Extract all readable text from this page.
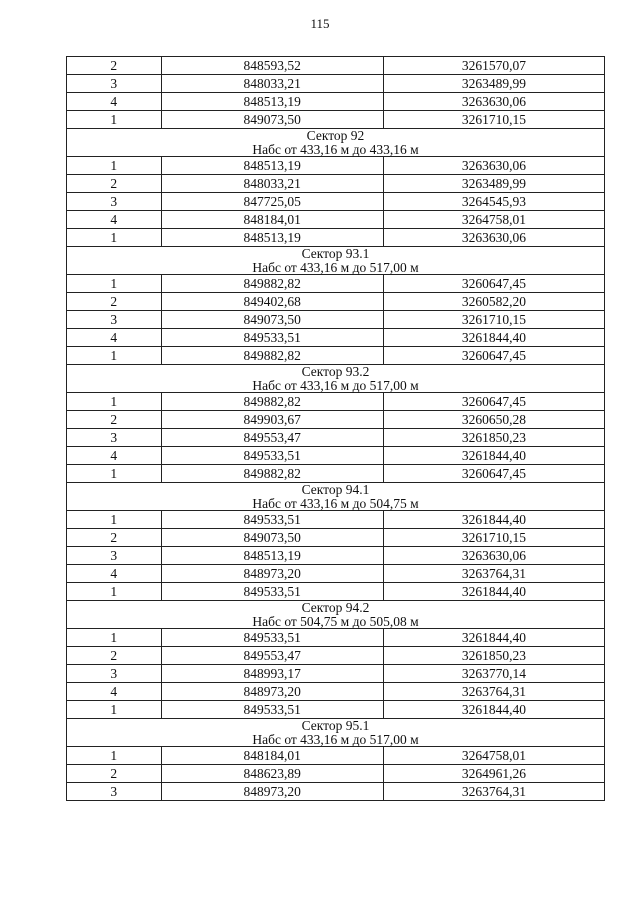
115
2	848593,52	3261570,07
3	848033,21	3263489,99
4	848513,19	3263630,06
1	849073,50	3261710,15

Сектор 92
Набс от 433,16 м до 433,16 м		

1	848513,19	3263630,06
2	848033,21	3263489,99
3	847725,05	3264545,93
4	848184,01	3264758,01
1	848513,19	3263630,06

Сектор 93.1
Набс от 433,16 м до 517,00 м		

1	849882,82	3260647,45
2	849402,68	3260582,20
3	849073,50	3261710,15
4	849533,51	3261844,40
1	849882,82	3260647,45

Сектор 93.2
Набс от 433,16 м до 517,00 м		

1	849882,82	3260647,45
2	849903,67	3260650,28
3	849553,47	3261850,23
4	849533,51	3261844,40
1	849882,82	3260647,45

Сектор 94.1
Набс от 433,16 м до 504,75 м		

1	849533,51	3261844,40
2	849073,50	3261710,15
3	848513,19	3263630,06
4	848973,20	3263764,31
1	849533,51	3261844,40

Сектор 94.2
Набс от 504,75 м до 505,08 м		

1	849533,51	3261844,40
2	849553,47	3261850,23
3	848993,17	3263770,14
4	848973,20	3263764,31
1	849533,51	3261844,40

Сектор 95.1
Набс от 433,16 м до 517,00 м		

1	848184,01	3264758,01
2	848623,89	3264961,26
3	848973,20	3263764,31
